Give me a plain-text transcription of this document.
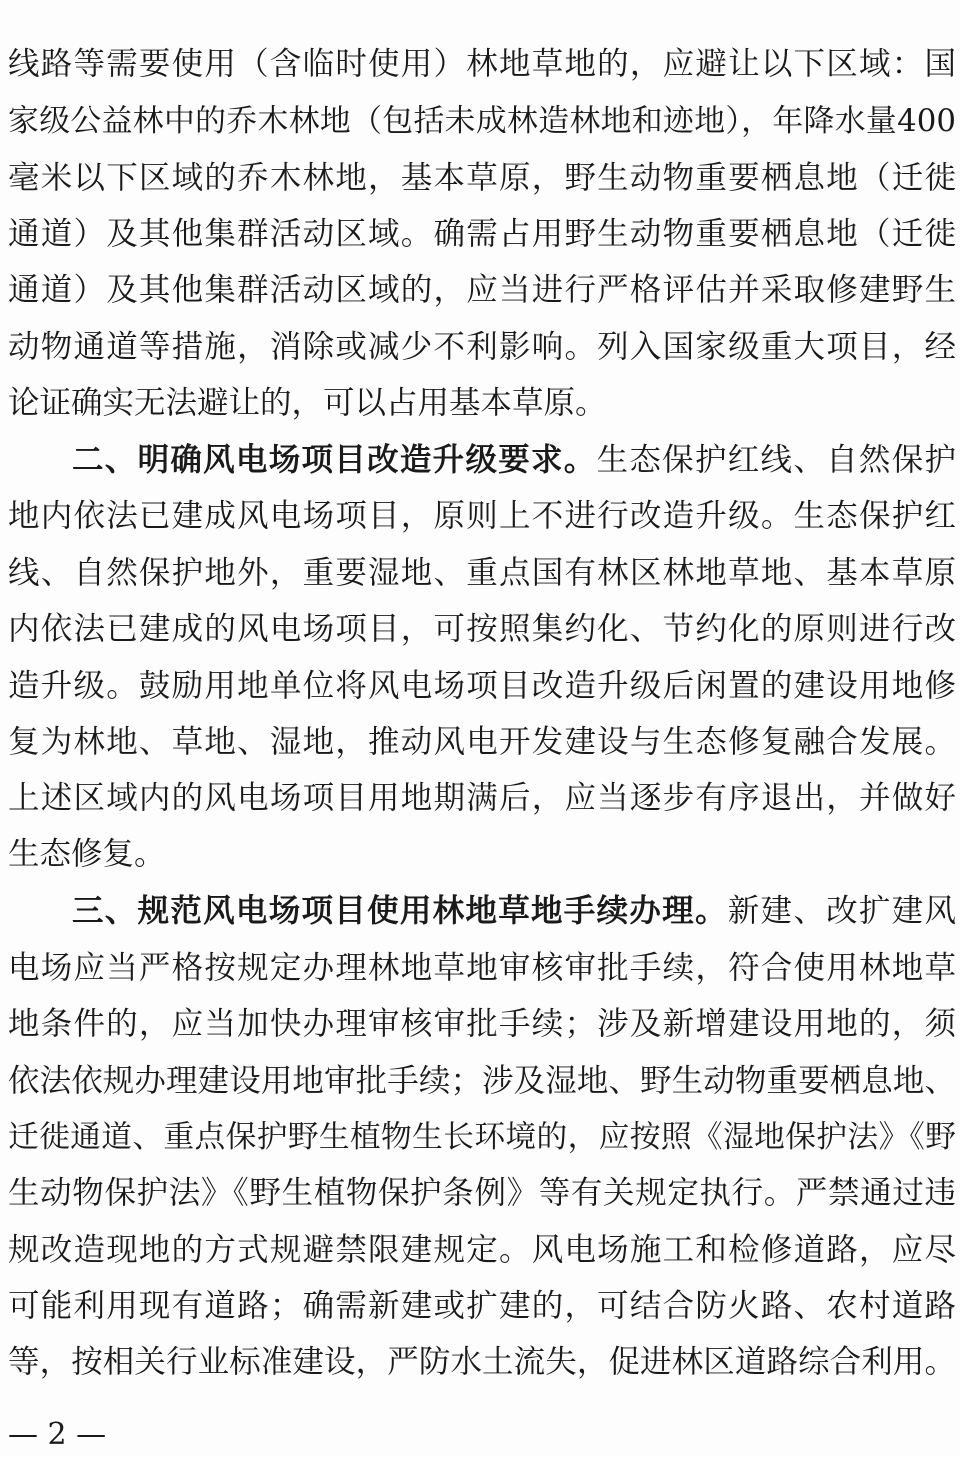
线路等需要使用（含临时使用）林地草地的，应避让以下区域：国
家级公益林中的乔木林地（包括未成林造林地和迹地），年降水量400
毫米以下区域的乔木林地，基本草原，野生动物重要栖息地（迁徙
通道）及其他集群活动区域。确需占用野生动物重要栖息地（迁徙
通道）及其他集群活动区域的，应当进行严格评估并采取修建野生
动物通道等措施，消除或减少不利影响。列入国家级重大项目，经
论证确实无法避让的，可以占用基本草原。
二、明确风电场项目改造升级要求。生态保护红线、自然保护
地内依法已建成风电场项目，原则上不进行改造升级。生态保护红
线、自然保护地外，重要湿地、重点国有林区林地草地、基本草原
内依法已建成的风电场项目，可按照集约化、节约化的原则进行改
造升级。鼓励用地单位将风电场项目改造升级后闲置的建设用地修
复为林地、草地、湿地，推动风电开发建设与生态修复融合发展。
上述区域内的风电场项目用地期满后，应当逐步有序退出，并做好
生态修复。
三、规范风电场项目使用林地草地手续办理。新建、改扩建风
电场应当严格按规定办理林地草地审核审批手续，符合使用林地草
地条件的，应当加快办理审核审批手续；涉及新增建设用地的，须
依法依规办理建设用地审批手续；涉及湿地、野生动物重要栖息地、
迁徙通道、重点保护野生植物生长环境的，应按照《湿地保护法》《野
生动物保护法》《野生植物保护条例》等有关规定执行。严禁通过违
规改造现地的方式规避禁限建规定。风电场施工和检修道路，应尽
可能利用现有道路；确需新建或扩建的，可结合防火路、农村道路
等，按相关行业标准建设，严防水土流失，促进林区道路综合利用。
— 2 —
